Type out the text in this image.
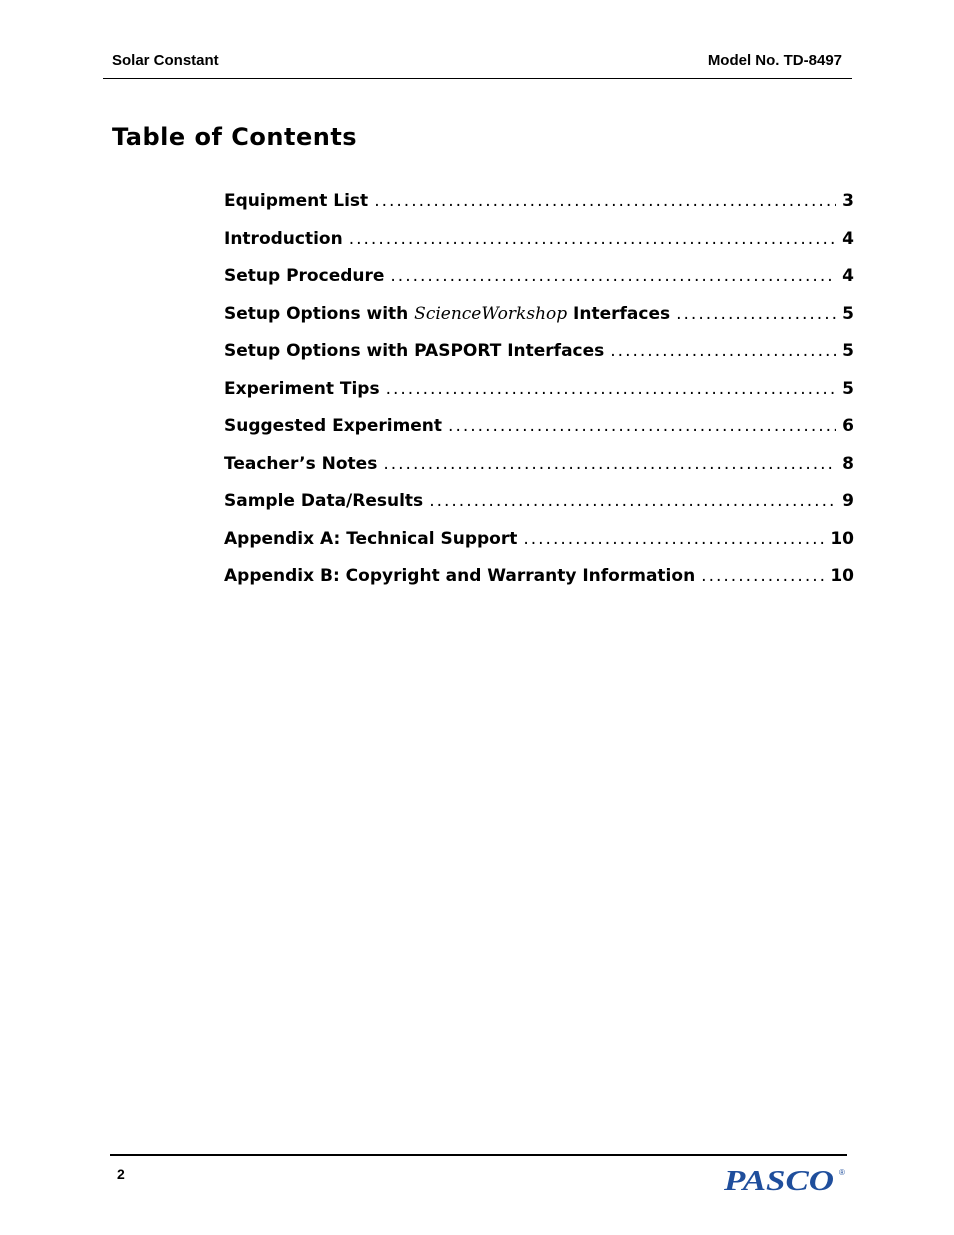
Solar Constant	Model No. TD-8497
Table of Contents
Equipment List .....	3
Introduction .....	4
Setup Procedure .....	4
Setup Options with ScienceWorkshop Interfaces .....	5
Setup Options with PASPORT Interfaces .....	5
Experiment Tips .....	5
Suggested Experiment .....	6
Teacher’s Notes .....	8
Sample Data/Results .....	9
Appendix A: Technical Support .....	10
Appendix B: Copyright and Warranty Information .....	10
2	PASCO ®
